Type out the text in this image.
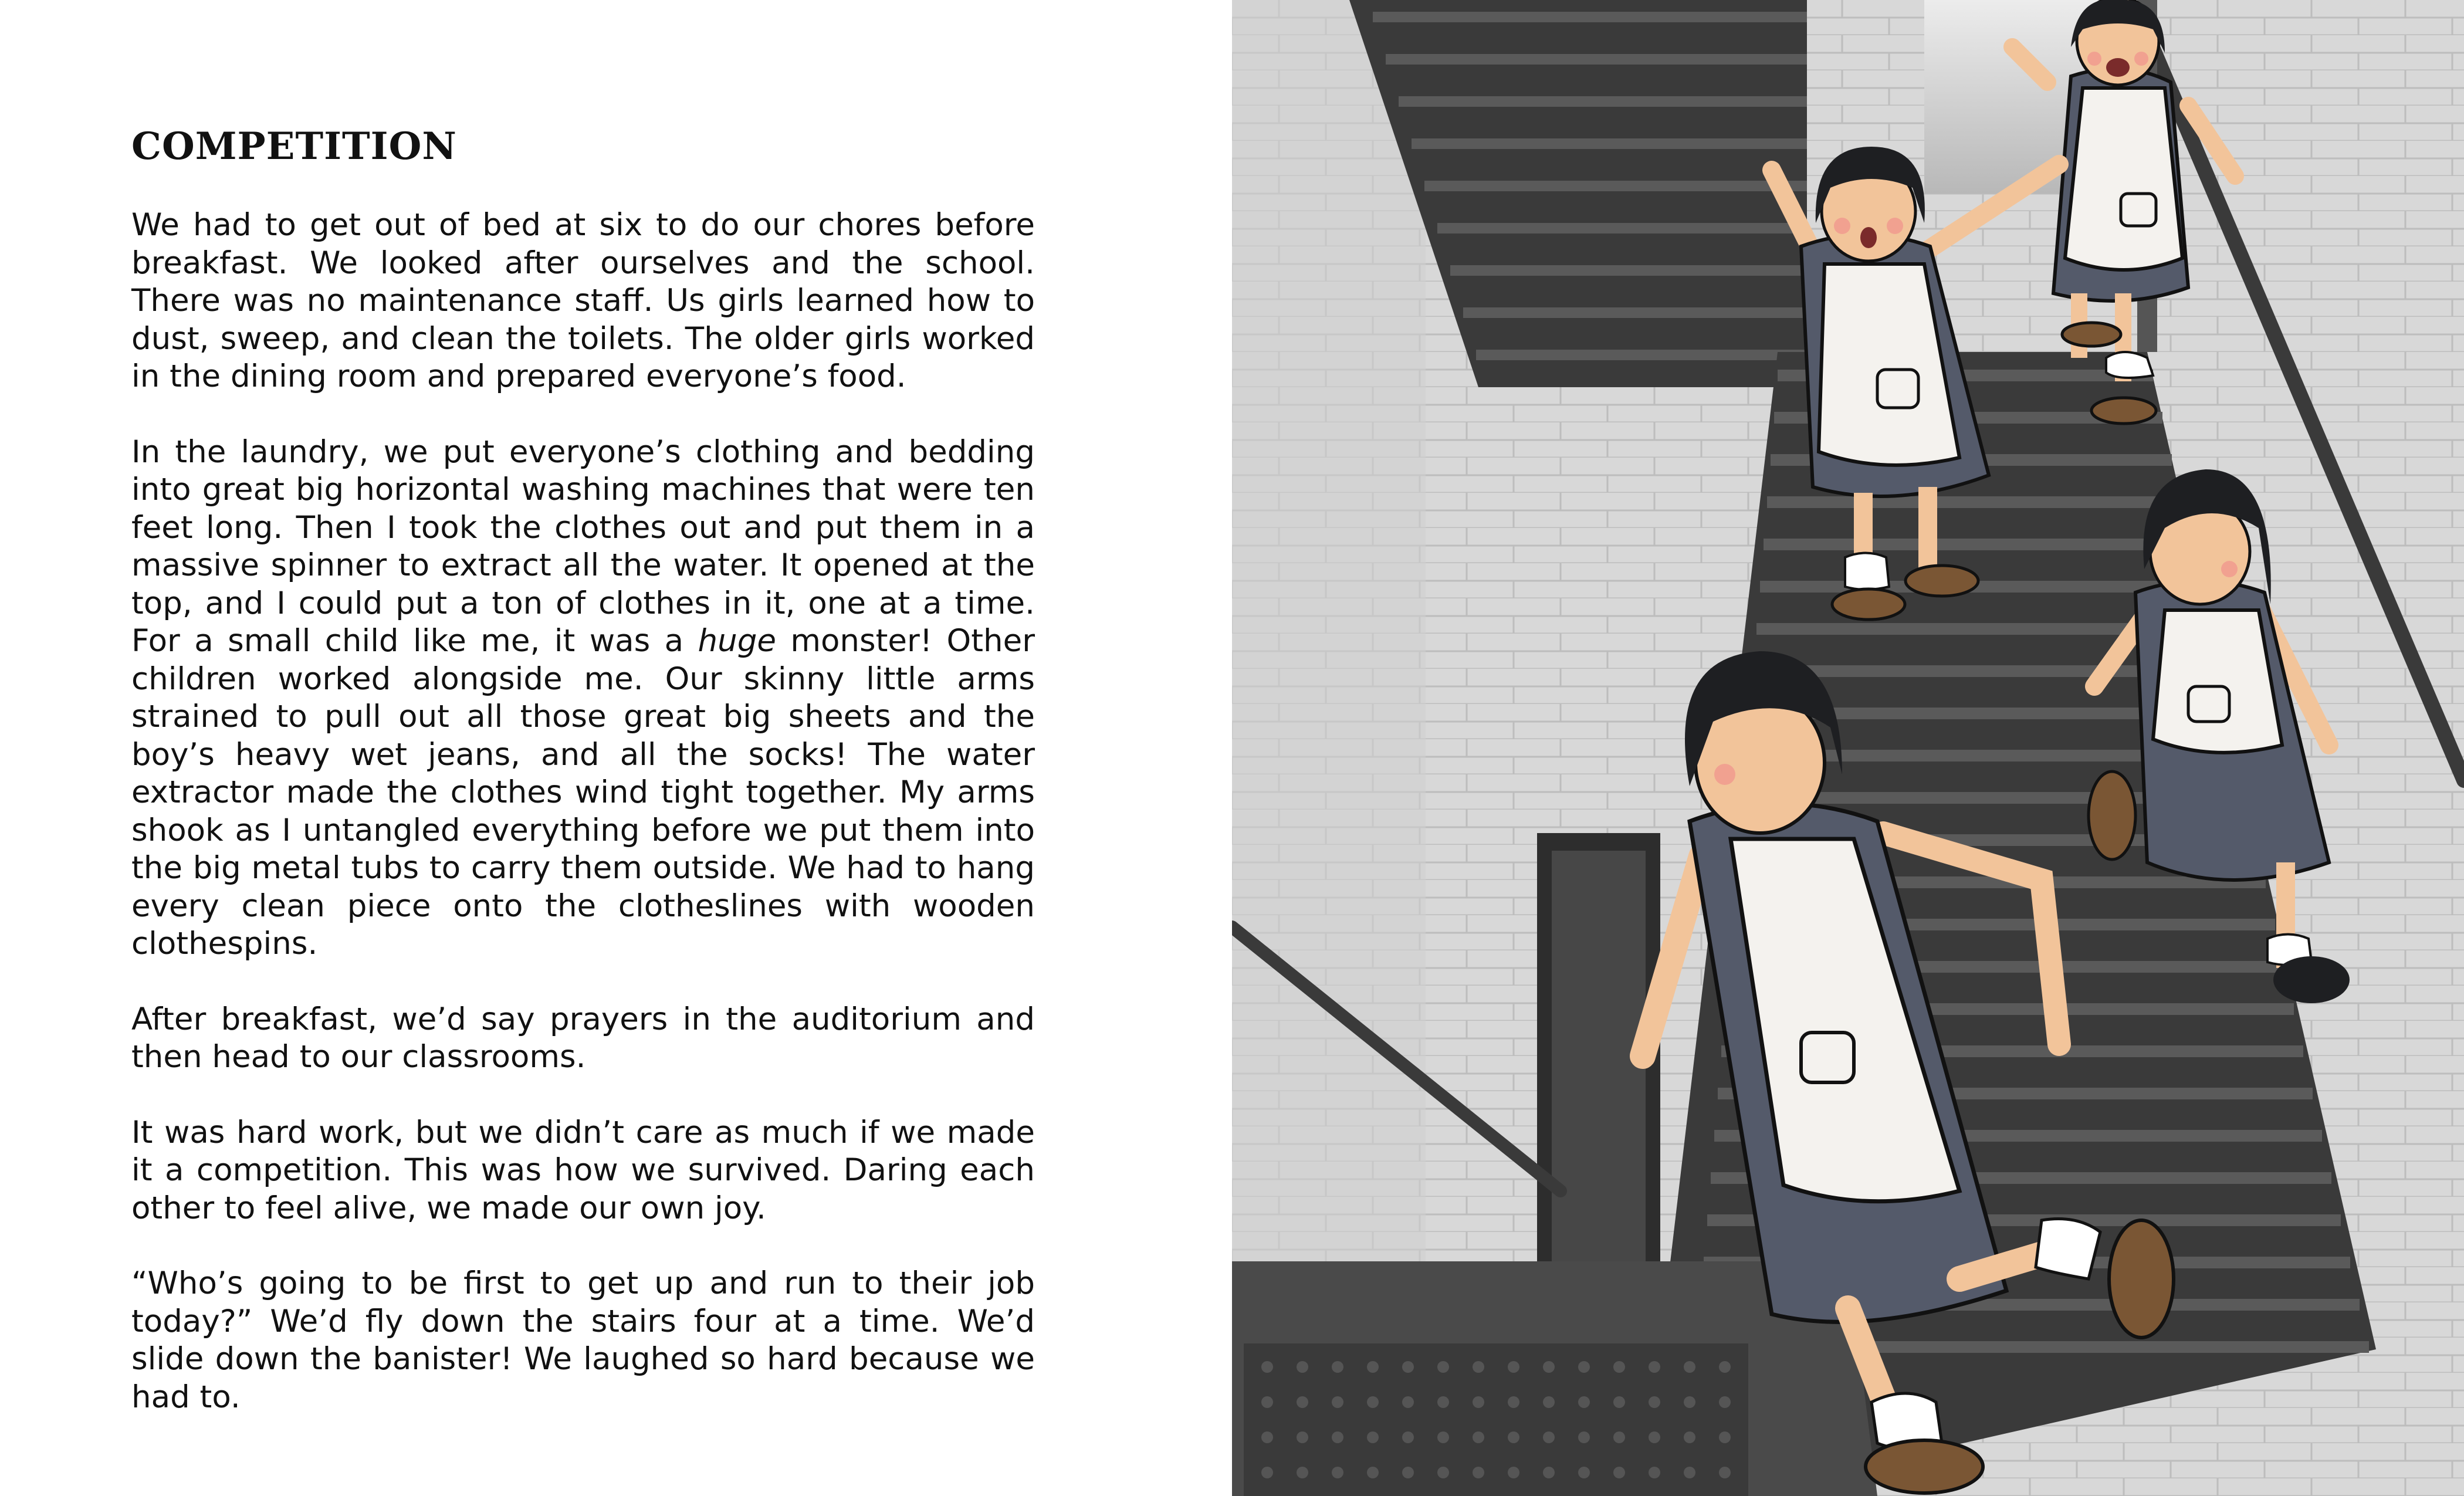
COMPETITION

We had to get out of bed at six to do our chores before breakfast. We looked after ourselves and the school. There was no maintenance staff. Us girls learned how to dust, sweep, and clean the toilets. The older girls worked in the dining room and prepared everyone’s food.

In the laundry, we put everyone’s clothing and bedding into great big horizontal washing machines that were ten feet long. Then I took the clothes out and put them in a massive spinner to extract all the water. It opened at the top, and I could put a ton of clothes in it, one at a time. For a small child like me, it was a huge monster! Other children worked alongside me. Our skinny little arms strained to pull out all those great big sheets and the boy’s heavy wet jeans, and all the socks! The water extractor made the clothes wind tight together. My arms shook as I untangled everything before we put them into the big metal tubs to carry them outside. We had to hang every clean piece onto the clotheslines with wooden clothespins.

After breakfast, we’d say prayers in the auditorium and then head to our classrooms.

It was hard work, but we didn’t care as much if we made it a competition. This was how we survived. Daring each other to feel alive, we made our own joy.

“Who’s going to be first to get up and run to their job today?” We’d fly down the stairs four at a time. We’d slide down the banister! We laughed so hard because we had to.
